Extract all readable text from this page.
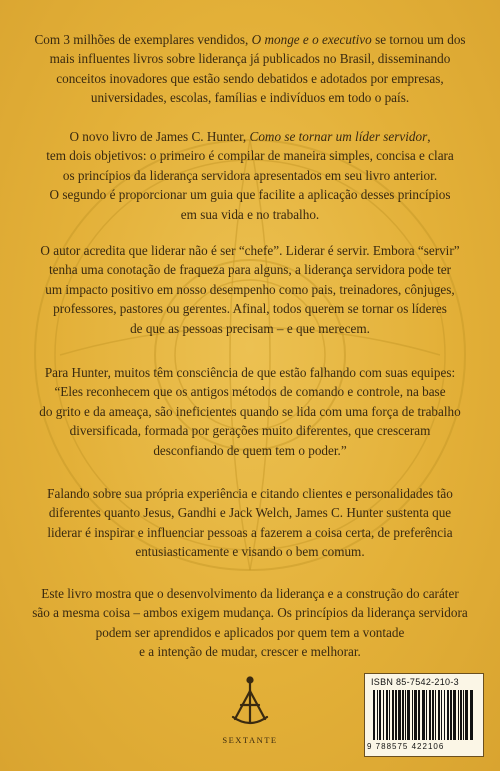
Com 3 milhões de exemplares vendidos, O monge e o executivo se tornou um dos
mais influentes livros sobre liderança já publicados no Brasil, disseminando
conceitos inovadores que estão sendo debatidos e adotados por empresas,
universidades, escolas, famílias e indivíduos em todo o país.
O novo livro de James C. Hunter, Como se tornar um líder servidor,
tem dois objetivos: o primeiro é compilar de maneira simples, concisa e clara
os princípios da liderança servidora apresentados em seu livro anterior.
O segundo é proporcionar um guia que facilite a aplicação desses princípios
em sua vida e no trabalho.
O autor acredita que liderar não é ser “chefe”. Liderar é servir. Embora “servir”
tenha uma conotação de fraqueza para alguns, a liderança servidora pode ter
um impacto positivo em nosso desempenho como pais, treinadores, cônjuges,
professores, pastores ou gerentes. Afinal, todos querem se tornar os líderes
de que as pessoas precisam – e que merecem.
Para Hunter, muitos têm consciência de que estão falhando com suas equipes:
“Eles reconhecem que os antigos métodos de comando e controle, na base
do grito e da ameaça, são ineficientes quando se lida com uma força de trabalho
diversificada, formada por gerações muito diferentes, que cresceram
desconfiando de quem tem o poder.”
Falando sobre sua própria experiência e citando clientes e personalidades tão
diferentes quanto Jesus, Gandhi e Jack Welch, James C. Hunter sustenta que
liderar é inspirar e influenciar pessoas a fazerem a coisa certa, de preferência
entusiasticamente e visando o bem comum.
Este livro mostra que o desenvolvimento da liderança e a construção do caráter
são a mesma coisa – ambos exigem mudança. Os princípios da liderança servidora
podem ser aprendidos e aplicados por quem tem a vontade
e a intenção de mudar, crescer e melhorar.
SEXTANTE
ISBN 85-7542-210-3
9 788575 422106
